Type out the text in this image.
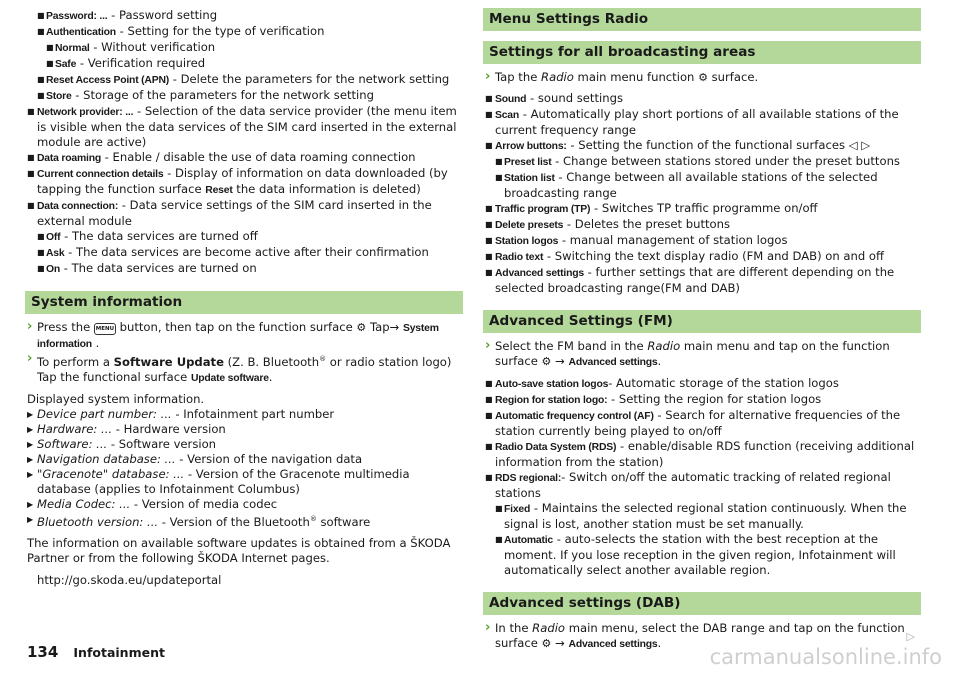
■ Password: ... - Password setting
■ Authentication - Setting for the type of verification
■ Normal - Without verification
■ Safe - Verification required
■ Reset Access Point (APN) - Delete the parameters for the network setting
■ Store - Storage of the parameters for the network setting
■ Network provider: ... - Selection of the data service provider (the menu item is visible when the data services of the SIM card inserted in the external module are active)
■ Data roaming - Enable / disable the use of data roaming connection
■ Current connection details - Display of information on data downloaded (by tapping the function surface Reset the data information is deleted)
■ Data connection: - Data service settings of the SIM card inserted in the external module
■ Off - The data services are turned off
■ Ask - The data services are become active after their confirmation
■ On - The data services are turned on
System information
› Press the MENU button, then tap on the function surface ⚙ Tap→ System information .
› To perform a Software Update (Z. B. Bluetooth® or radio station logo) Tap the functional surface Update software.
Displayed system information.
▶ Device part number: ... - Infotainment part number
▶ Hardware: ... - Hardware version
▶ Software: ... - Software version
▶ Navigation database: ... - Version of the navigation data
▶ "Gracenote" database: ... - Version of the Gracenote multimedia database (applies to Infotainment Columbus)
▶ Media Codec: ... - Version of media codec
▶ Bluetooth version: ... - Version of the Bluetooth® software
The information on available software updates is obtained from a ŠKODA Partner or from the following ŠKODA Internet pages.
http://go.skoda.eu/updateportal
Menu Settings Radio
Settings for all broadcasting areas
› Tap the Radio main menu function ⚙ surface.
■ Sound - sound settings
■ Scan - Automatically play short portions of all available stations of the current frequency range
■ Arrow buttons: - Setting the function of the functional surfaces ◁ ▷
■ Preset list - Change between stations stored under the preset buttons
■ Station list - Change between all available stations of the selected broadcasting range
■ Traffic program (TP) - Switches TP traffic programme on/off
■ Delete presets - Deletes the preset buttons
■ Station logos - manual management of station logos
■ Radio text - Switching the text display radio (FM and DAB) on and off
■ Advanced settings - further settings that are different depending on the selected broadcasting range(FM and DAB)
Advanced Settings (FM)
› Select the FM band in the Radio main menu and tap on the function surface ⚙ → Advanced settings.
■ Auto-save station logos- Automatic storage of the station logos
■ Region for station logo: - Setting the region for station logos
■ Automatic frequency control (AF) - Search for alternative frequencies of the station currently being played to on/off
■ Radio Data System (RDS) - enable/disable RDS function (receiving additional information from the station)
■ RDS regional:- Switch on/off the automatic tracking of related regional stations
■ Fixed - Maintains the selected regional station continuously. When the signal is lost, another station must be set manually.
■ Automatic - auto-selects the station with the best reception at the moment. If you lose reception in the given region, Infotainment will automatically select another available region.
Advanced settings (DAB)
› In the Radio main menu, select the DAB range and tap on the function surface ⚙ → Advanced settings.	▷
134 Infotainment	carmanualsonline.info
